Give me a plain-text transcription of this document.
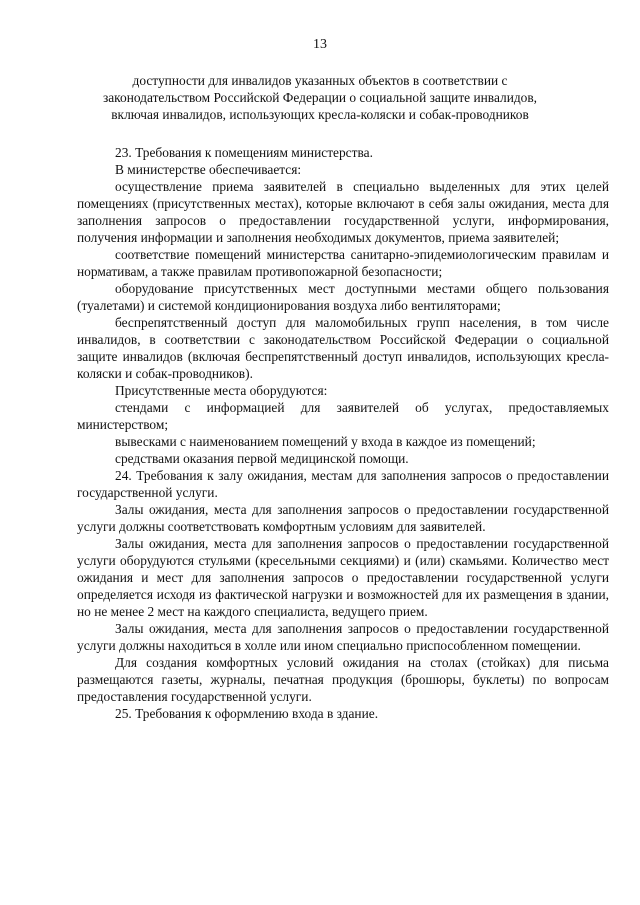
13
доступности для инвалидов указанных объектов в соответствии с
законодательством Российской Федерации о социальной защите инвалидов,
включая инвалидов, использующих кресла-коляски и собак-проводников

23. Требования к помещениям министерства.

В министерстве обеспечивается:

осуществление приема заявителей в специально выделенных для этих целей помещениях (присутственных местах), которые включают в себя залы ожидания, места для заполнения запросов о предоставлении государственной услуги, информирования, получения информации и заполнения необходимых документов, приема заявителей;

соответствие помещений министерства санитарно-эпидемиологическим правилам и нормативам, а также правилам противопожарной безопасности;

оборудование присутственных мест доступными местами общего пользования (туалетами) и системой кондиционирования воздуха либо вентиляторами;

беспрепятственный доступ для маломобильных групп населения, в том числе инвалидов, в соответствии с законодательством Российской Федерации о социальной защите инвалидов (включая беспрепятственный доступ инвалидов, использующих кресла-коляски и собак-проводников).

Присутственные места оборудуются:

стендами с информацией для заявителей об услугах, предоставляемых министерством;

вывесками с наименованием помещений у входа в каждое из помещений;

средствами оказания первой медицинской помощи.

24. Требования к залу ожидания, местам для заполнения запросов о предоставлении государственной услуги.

Залы ожидания, места для заполнения запросов о предоставлении государственной услуги должны соответствовать комфортным условиям для заявителей.

Залы ожидания, места для заполнения запросов о предоставлении государственной услуги оборудуются стульями (кресельными секциями) и (или) скамьями. Количество мест ожидания и мест для заполнения запросов о предоставлении государственной услуги определяется исходя из фактической нагрузки и возможностей для их размещения в здании, но не менее 2 мест на каждого специалиста, ведущего прием.

Залы ожидания, места для заполнения запросов о предоставлении государственной услуги должны находиться в холле или ином специально приспособленном помещении.

Для создания комфортных условий ожидания на столах (стойках) для письма размещаются газеты, журналы, печатная продукция (брошюры, буклеты) по вопросам предоставления государственной услуги.

25. Требования к оформлению входа в здание.
